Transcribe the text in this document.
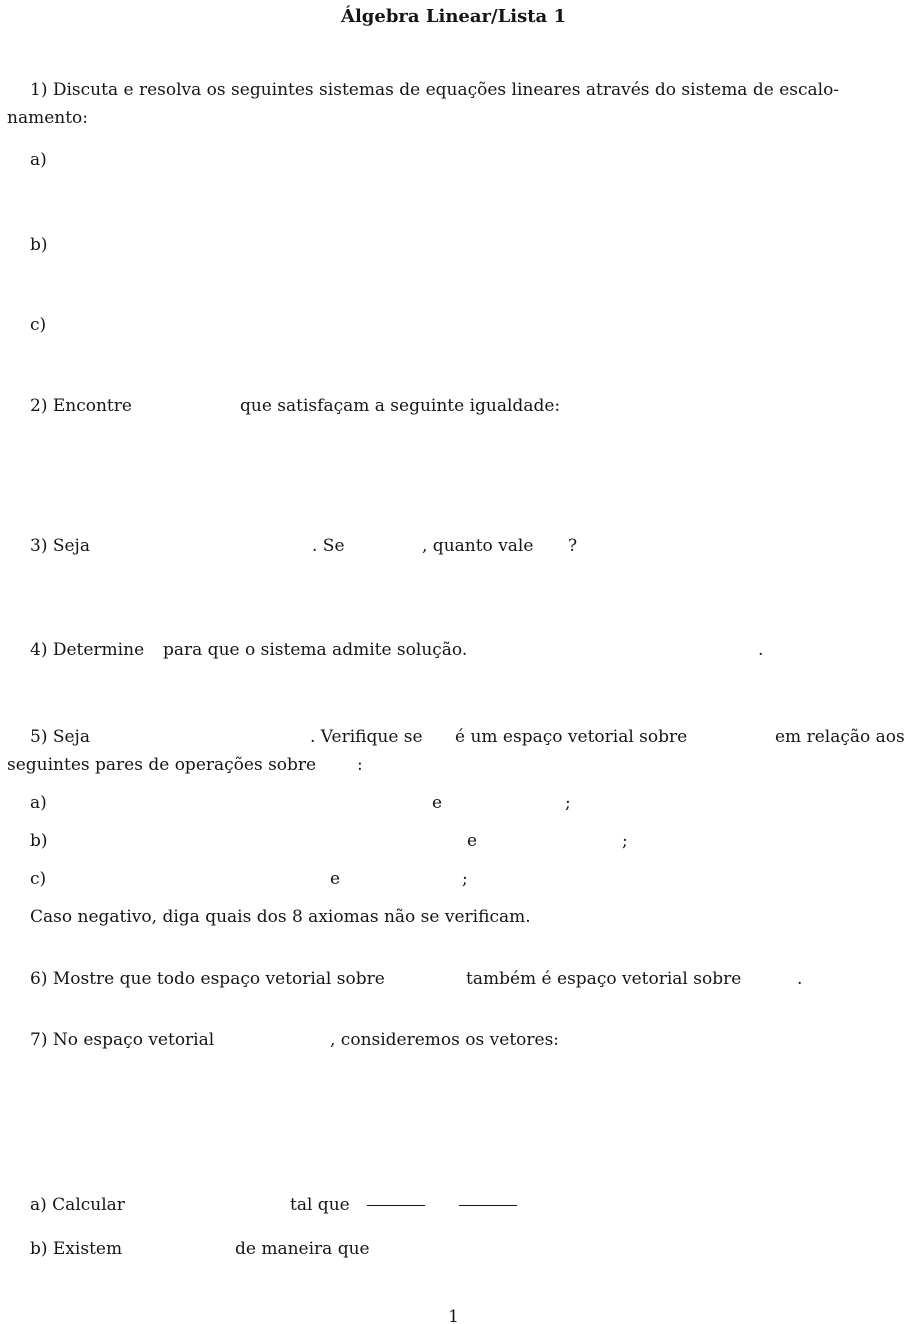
Álgebra Linear/Lista 1
1) Discuta e resolva os seguintes sistemas de equações lineares através do sistema de escalo-
namento:
a)
b)
c)
2) Encontre	que satisfaçam a seguinte igualdade:
3) Seja	. Se	, quanto vale ?
4) Determine para que o sistema admite solução.	.
5) Seja	. Verifique se é um espaço vetorial sobre	em relação aos
seguintes pares de operações sobre :
a)	e	;
b)	e	;
c)	e	;
Caso negativo, diga quais dos 8 axiomas não se verificam.
6) Mostre que todo espaço vetorial sobre	também é espaço vetorial sobre	.
7) No espaço vetorial	, consideremos os vetores:
a) Calcular	tal que
b) Existem	de maneira que
1
